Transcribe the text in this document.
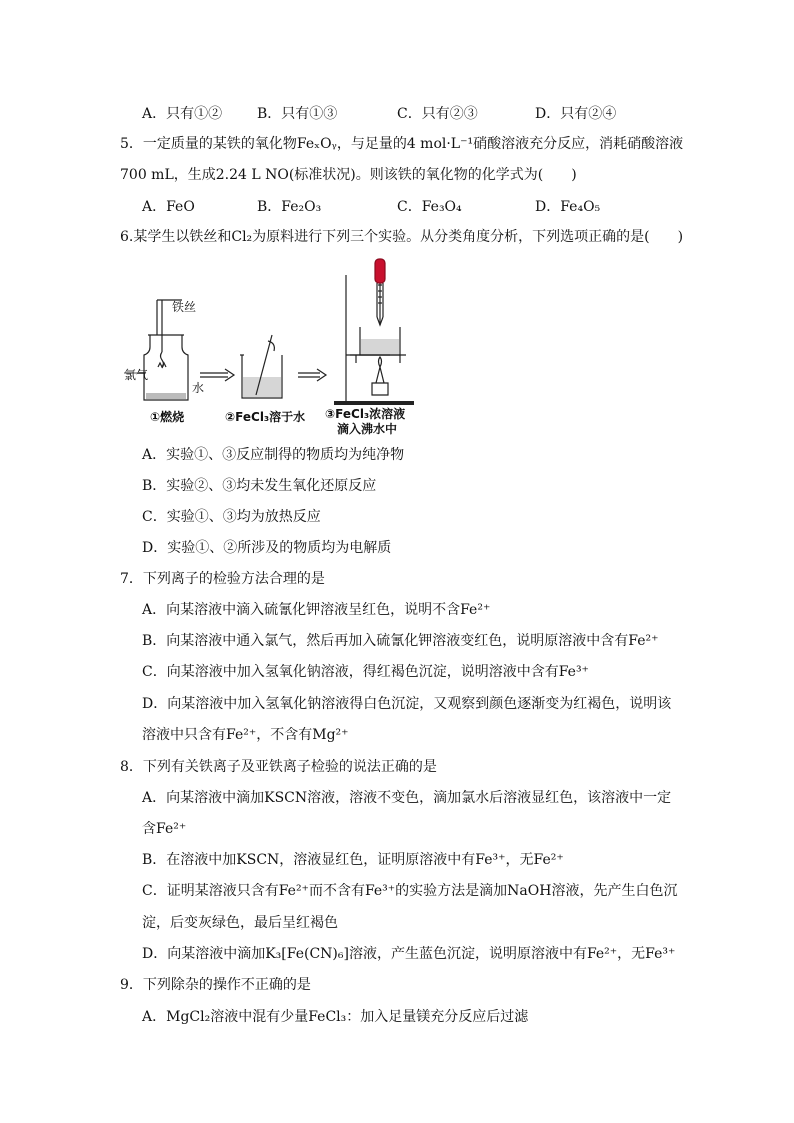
A．只有①② B．只有①③	C．只有②③	D．只有②④
5．一定质量的某铁的氧化物FeₓOᵧ，与足量的4 mol·L⁻¹硝酸溶液充分反应，消耗硝酸溶液
700 mL，生成2.24 L NO(标准状况)。则该铁的氧化物的化学式为(　　)
A．FeO	B．Fe₂O₃	C．Fe₃O₄	D．Fe₄O₅
6.某学生以铁丝和Cl₂为原料进行下列三个实验。从分类角度分析，下列选项正确的是(　　)
铁丝
氯气
水
①燃烧	②FeCl₃溶于水 ③FeCl₃浓溶液
滴入沸水中
A．实验①、③反应制得的物质均为纯净物
B．实验②、③均未发生氧化还原反应
C．实验①、③均为放热反应
D．实验①、②所涉及的物质均为电解质
7．下列离子的检验方法合理的是
A．向某溶液中滴入硫氰化钾溶液呈红色，说明不含Fe²⁺
B．向某溶液中通入氯气，然后再加入硫氰化钾溶液变红色，说明原溶液中含有Fe²⁺
C．向某溶液中加入氢氧化钠溶液，得红褐色沉淀，说明溶液中含有Fe³⁺
D．向某溶液中加入氢氧化钠溶液得白色沉淀，又观察到颜色逐渐变为红褐色，说明该
溶液中只含有Fe²⁺，不含有Mg²⁺
8．下列有关铁离子及亚铁离子检验的说法正确的是
A．向某溶液中滴加KSCN溶液，溶液不变色，滴加氯水后溶液显红色，该溶液中一定
含Fe²⁺
B．在溶液中加KSCN，溶液显红色，证明原溶液中有Fe³⁺，无Fe²⁺
C．证明某溶液只含有Fe²⁺而不含有Fe³⁺的实验方法是滴加NaOH溶液，先产生白色沉
淀，后变灰绿色，最后呈红褐色
D．向某溶液中滴加K₃[Fe(CN)₆]溶液，产生蓝色沉淀，说明原溶液中有Fe²⁺，无Fe³⁺
9．下列除杂的操作不正确的是
A．MgCl₂溶液中混有少量FeCl₃：加入足量镁充分反应后过滤
